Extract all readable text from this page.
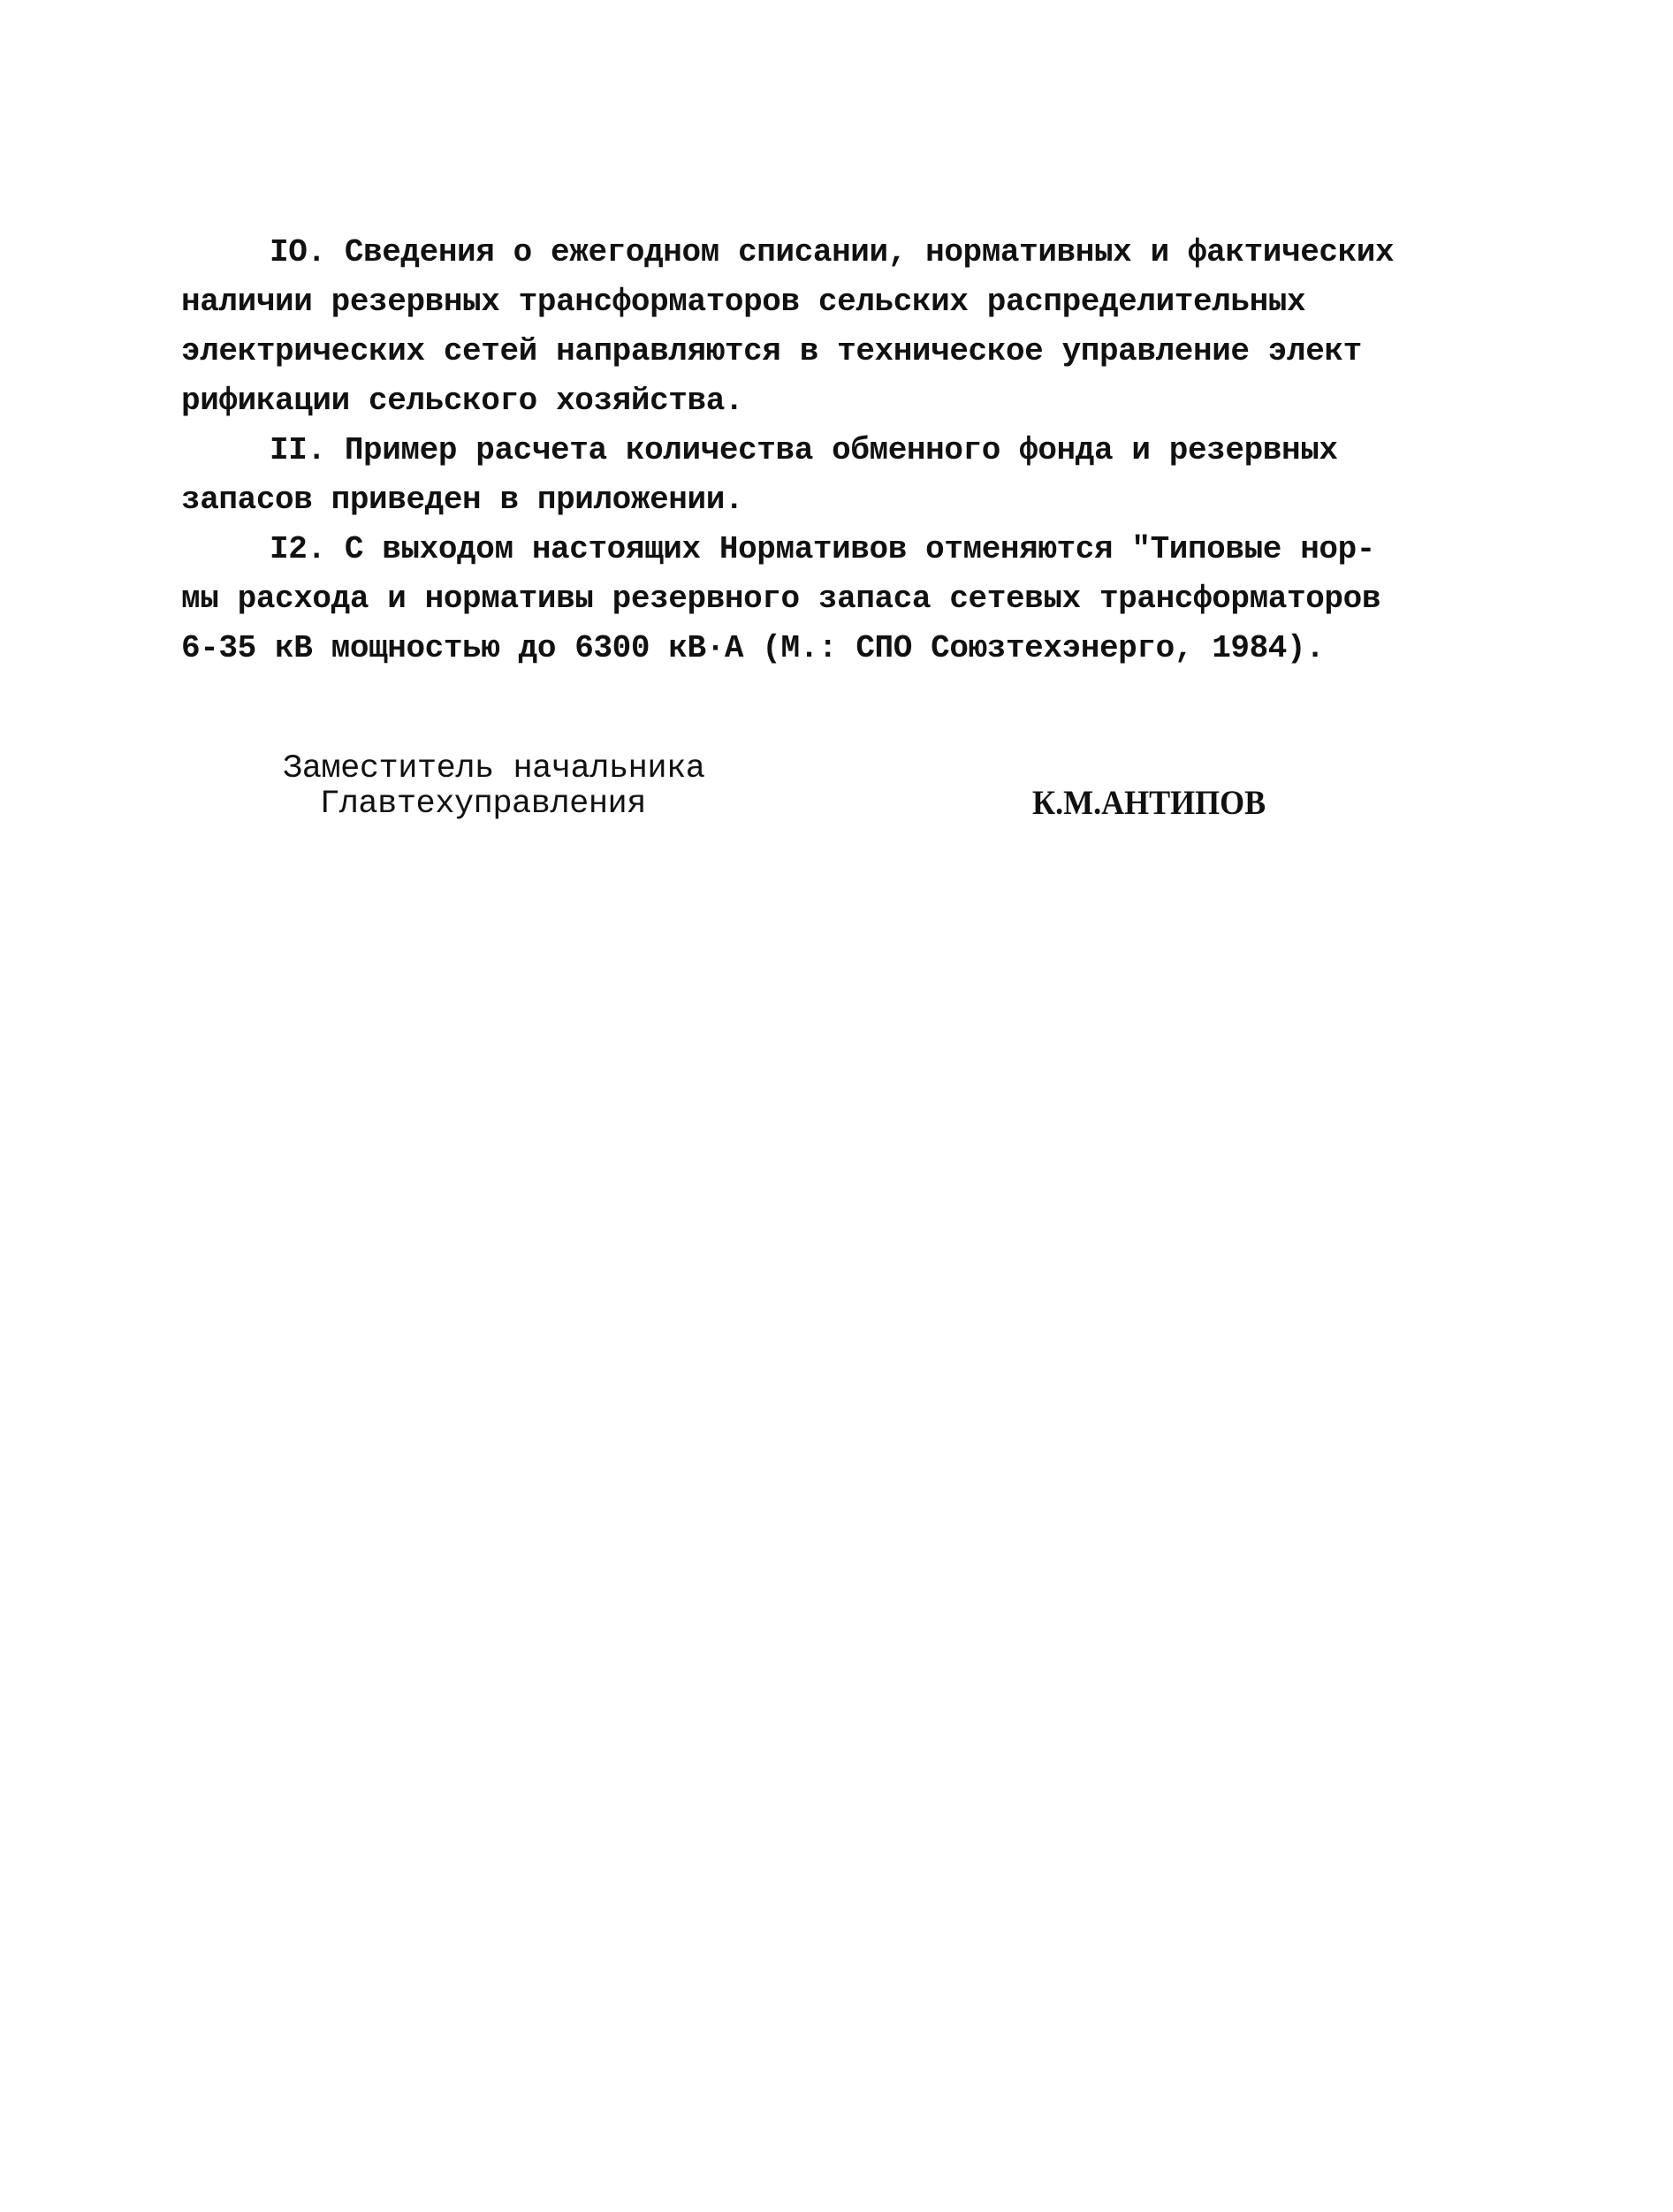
IO. Сведения о ежегодном списании, нормативных и фактических
наличии резервных трансформаторов сельских распределительных
электрических сетей направляются в техническое управление элект
рификации сельского хозяйства.
II. Пример расчета количества обменного фонда и резервных
запасов приведен в приложении.
I2. С выходом настоящих Нормативов отменяются "Типовые нор-
мы расхода и нормативы резервного запаса сетевых трансформаторов
6-35 кВ мощностью до 6300 кВ·А (М.: СПО Союзтехэнерго, 1984).
Заместитель начальника
Главтехуправления	К.М.АНТИПОВ
